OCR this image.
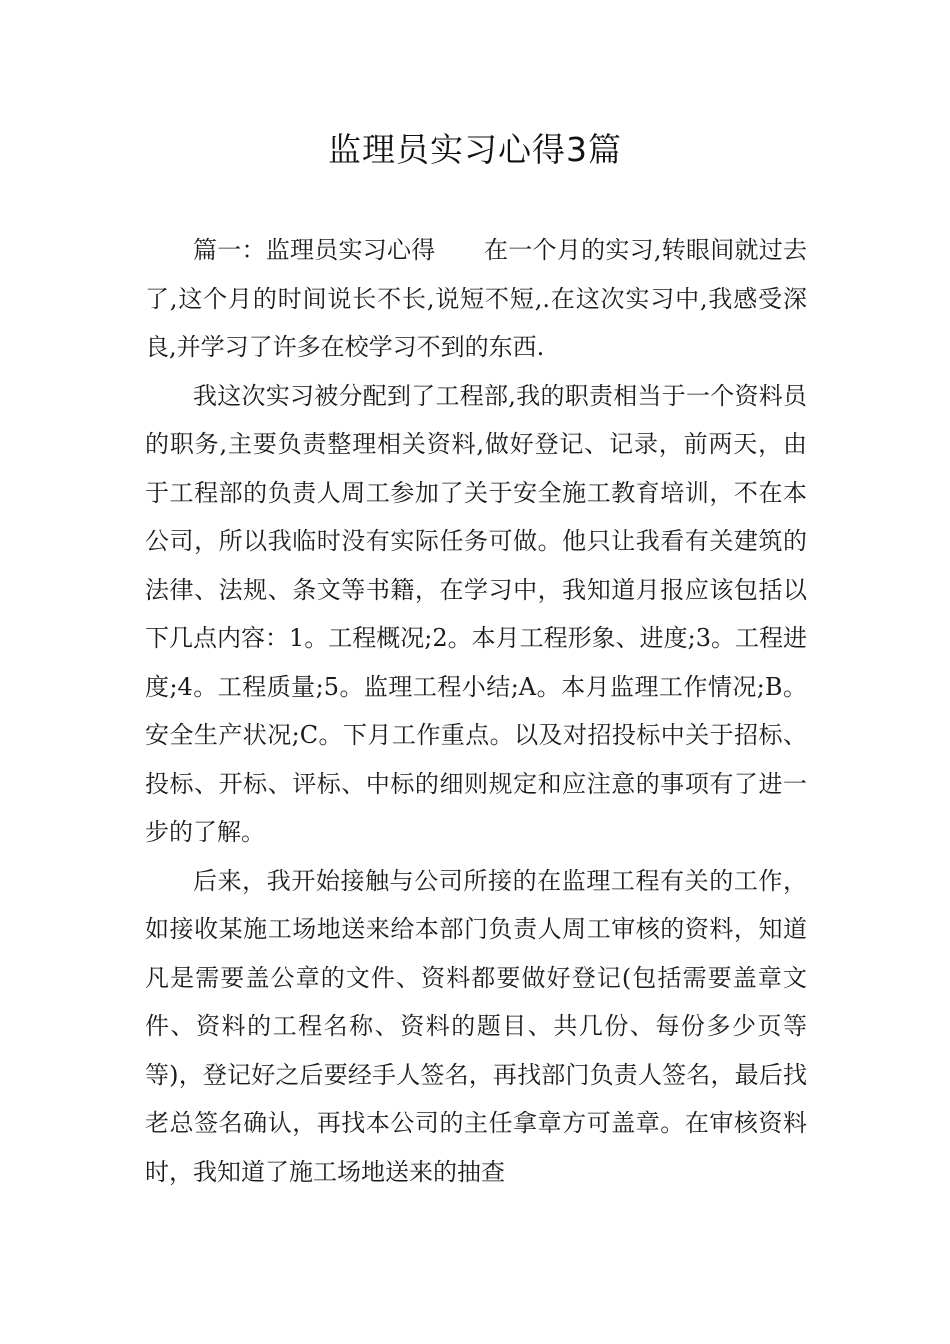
监理员实习心得3篇

篇一：监理员实习心得　　在一个月的实习,转眼间就过去了,这个月的时间说长不长,说短不短,.在这次实习中,我感受深良,并学习了许多在校学习不到的东西.

我这次实习被分配到了工程部,我的职责相当于一个资料员的职务,主要负责整理相关资料,做好登记、记录，前两天，由于工程部的负责人周工参加了关于安全施工教育培训，不在本公司，所以我临时没有实际任务可做。他只让我看有关建筑的法律、法规、条文等书籍，在学习中，我知道月报应该包括以下几点内容：1。工程概况;2。本月工程形象、进度;3。工程进度;4。工程质量;5。监理工程小结;A。本月监理工作情况;B。安全生产状况;C。下月工作重点。以及对招投标中关于招标、投标、开标、评标、中标的细则规定和应注意的事项有了进一步的了解。

后来，我开始接触与公司所接的在监理工程有关的工作，如接收某施工场地送来给本部门负责人周工审核的资料，知道凡是需要盖公章的文件、资料都要做好登记(包括需要盖章文件、资料的工程名称、资料的题目、共几份、每份多少页等等)，登记好之后要经手人签名，再找部门负责人签名，最后找老总签名确认，再找本公司的主任拿章方可盖章。在审核资料时，我知道了施工场地送来的抽查
